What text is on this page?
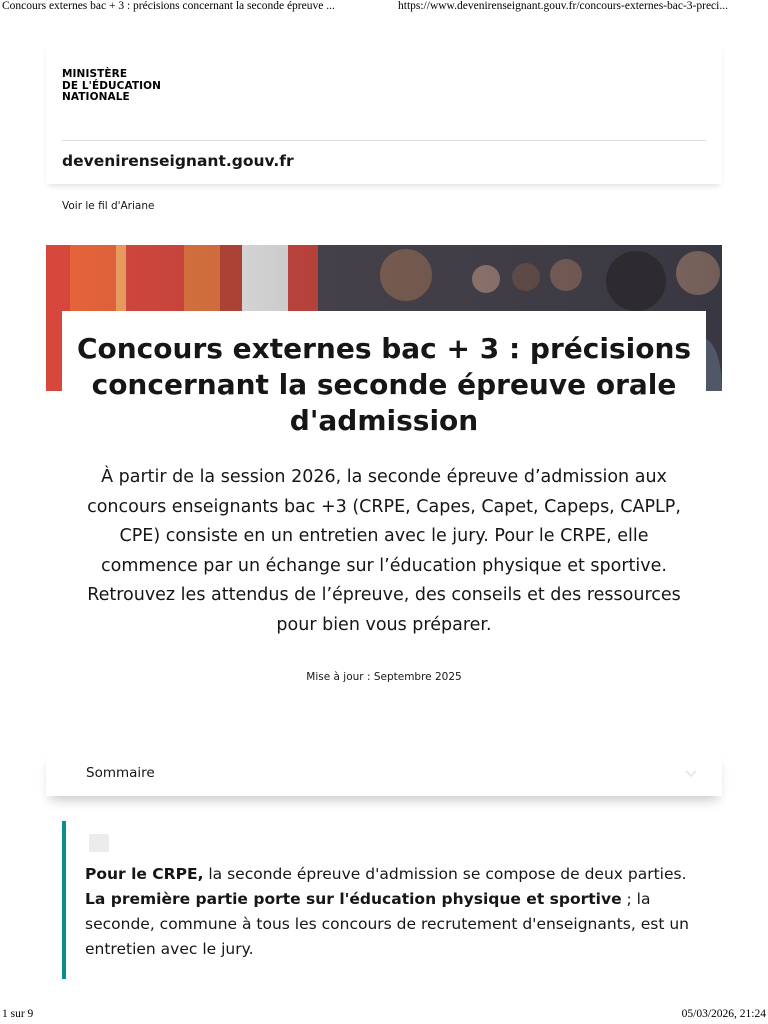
Concours externes bac + 3 : précisions concernant la seconde épreuve ...	https://www.devenirenseignant.gouv.fr/concours-externes-bac-3-preci...
MINISTÈRE
DE L'ÉDUCATION
NATIONALE
devenirenseignant.gouv.fr
Voir le fil d'Ariane
Concours externes bac + 3 : précisions concernant la seconde épreuve orale d'admission

À partir de la session 2026, la seconde épreuve d’admission aux concours enseignants bac +3 (CRPE, Capes, Capet, Capeps, CAPLP, CPE) consiste en un entretien avec le jury. Pour le CRPE, elle commence par un échange sur l’éducation physique et sportive. Retrouvez les attendus de l’épreuve, des conseils et des ressources pour bien vous préparer.

Mise à jour : Septembre 2025
Sommaire

Pour le CRPE, la seconde épreuve d'admission se compose de deux parties. La première partie porte sur l'éducation physique et sportive ; la seconde, commune à tous les concours de recrutement d'enseignants, est un entretien avec le jury.

1 sur 9	05/03/2026, 21:24
